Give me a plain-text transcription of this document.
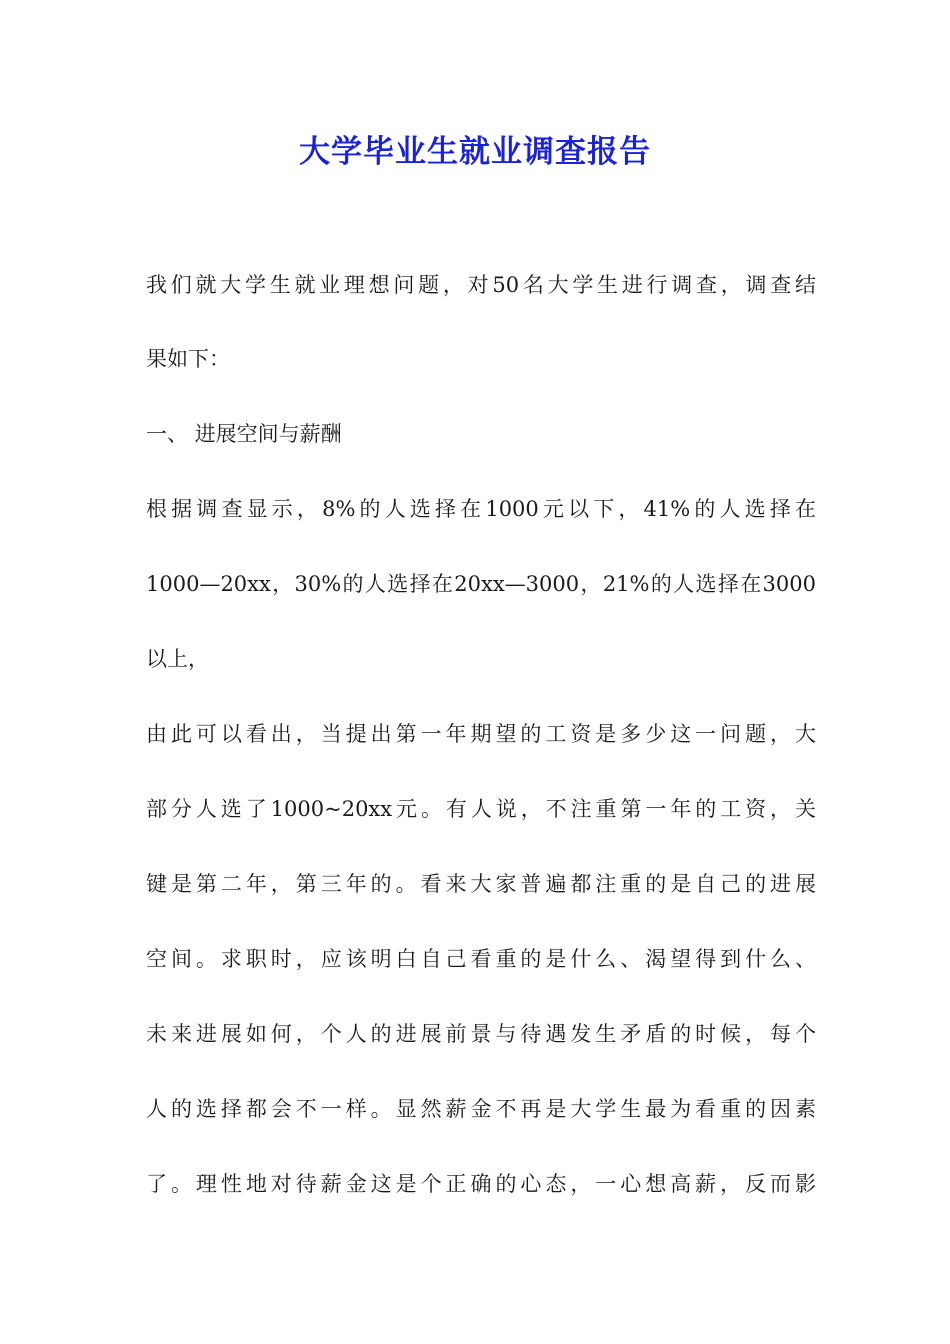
大学毕业生就业调查报告
我们就大学生就业理想问题，对50名大学生进行调查，调查结
果如下：
一、 进展空间与薪酬
根据调查显示，8%的人选择在1000元以下，41%的人选择在
1000—20xx，30%的人选择在20xx—3000，21%的人选择在3000
以上，
由此可以看出，当提出第一年期望的工资是多少这一问题，大
部分人选了1000~20xx元。有人说，不注重第一年的工资，关
键是第二年，第三年的。看来大家普遍都注重的是自己的进展
空间。求职时，应该明白自己看重的是什么、渴望得到什么、
未来进展如何，个人的进展前景与待遇发生矛盾的时候，每个
人的选择都会不一样。显然薪金不再是大学生最为看重的因素
了。理性地对待薪金这是个正确的心态，一心想高薪，反而影
